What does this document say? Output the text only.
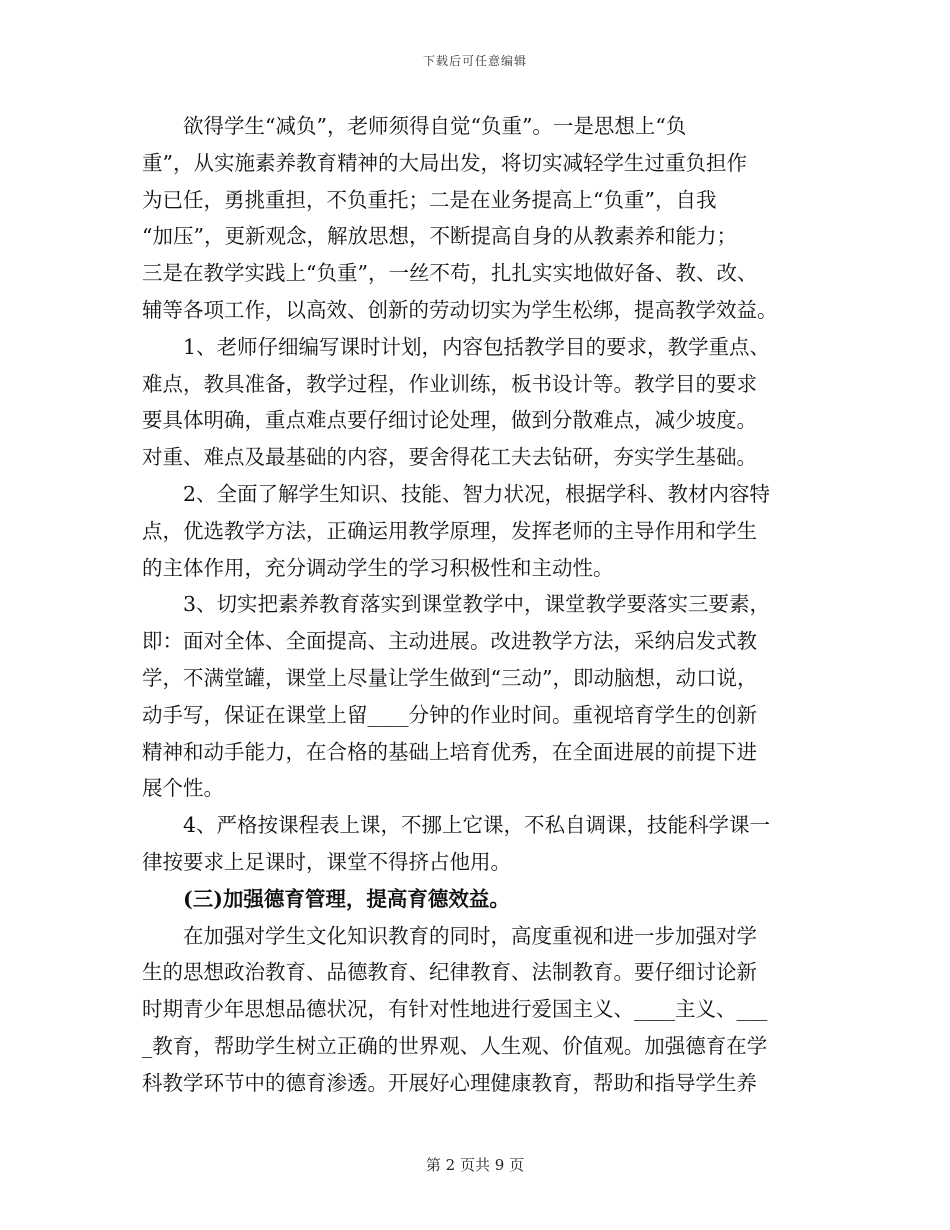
下载后可任意编辑
欲得学生“减负”，老师须得自觉“负重”。一是思想上“负
重”，从实施素养教育精神的大局出发，将切实减轻学生过重负担作
为已任，勇挑重担，不负重托；二是在业务提高上“负重”，自我
“加压”，更新观念，解放思想，不断提高自身的从教素养和能力；
三是在教学实践上“负重”，一丝不苟，扎扎实实地做好备、教、改、
辅等各项工作，以高效、创新的劳动切实为学生松绑，提高教学效益。
1、老师仔细编写课时计划，内容包括教学目的要求，教学重点、
难点，教具准备，教学过程，作业训练，板书设计等。教学目的要求
要具体明确，重点难点要仔细讨论处理，做到分散难点，减少坡度。
对重、难点及最基础的内容，要舍得花工夫去钻研，夯实学生基础。
2、全面了解学生知识、技能、智力状况，根据学科、教材内容特
点，优选教学方法，正确运用教学原理，发挥老师的主导作用和学生
的主体作用，充分调动学生的学习积极性和主动性。
3、切实把素养教育落实到课堂教学中，课堂教学要落实三要素，
即：面对全体、全面提高、主动进展。改进教学方法，采纳启发式教
学，不满堂罐，课堂上尽量让学生做到“三动”，即动脑想，动口说，
动手写，保证在课堂上留____分钟的作业时间。重视培育学生的创新
精神和动手能力，在合格的基础上培育优秀，在全面进展的前提下进
展个性。
4、严格按课程表上课，不挪上它课，不私自调课，技能科学课一
律按要求上足课时，课堂不得挤占他用。
(三)加强德育管理，提高育德效益。
在加强对学生文化知识教育的同时，高度重视和进一步加强对学
生的思想政治教育、品德教育、纪律教育、法制教育。要仔细讨论新
时期青少年思想品德状况，有针对性地进行爱国主义、____主义、___
_教育，帮助学生树立正确的世界观、人生观、价值观。加强德育在学
科教学环节中的德育渗透。开展好心理健康教育，帮助和指导学生养
第 2 页共 9 页
